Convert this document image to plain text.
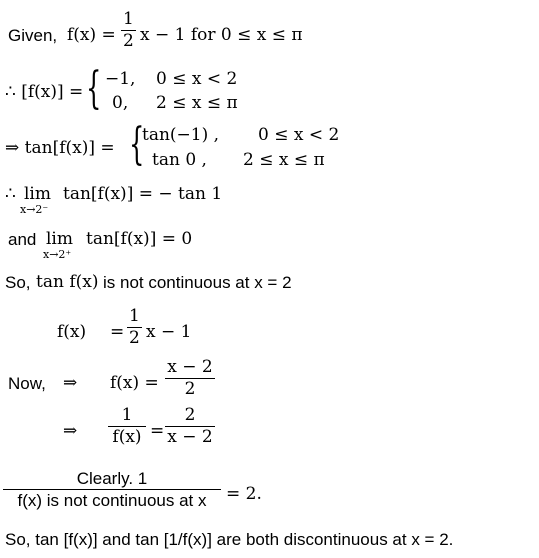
Given, f(x) =
1
2 x − 1 for 0 ≤ x ≤ π
∴ [f(x)] = { −1, 0 ≤ x < 2
0, 2 ≤ x ≤ π
⇒ tan[f(x)] = {
tan(−1) , 0 ≤ x < 2
tan 0 , 2 ≤ x ≤ π
∴ lim
x→2⁻
tan[f(x)] = − tan 1
and lim
x→2⁺
tan[f(x)] = 0
So, tan f(x) is not continuous at x = 2
f(x) =
1
2 x − 1
Now, ⇒ f(x) =
x − 2
2
⇒
1
f(x) =
2
x − 2
Clearly. 1
f(x) is not continuous at x	= 2.
So, tan [f(x)] and tan [1/f(x)] are both discontinuous at x = 2.
